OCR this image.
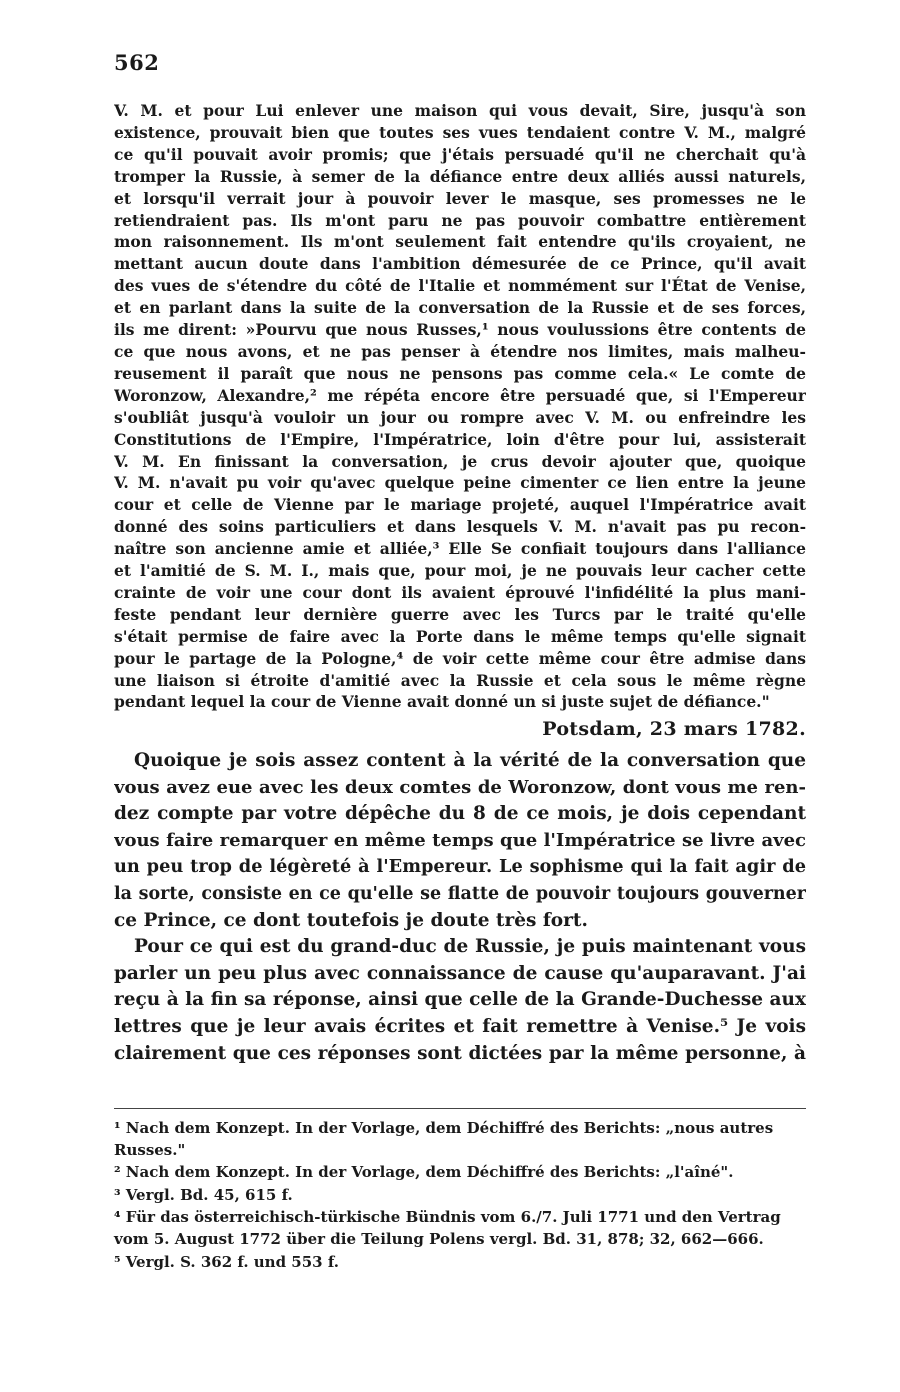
562
V. M. et pour Lui enlever une maison qui vous devait, Sire, jusqu'à son
existence, prouvait bien que toutes ses vues tendaient contre V. M., malgré
ce qu'il pouvait avoir promis; que j'étais persuadé qu'il ne cherchait qu'à
tromper la Russie, à semer de la défiance entre deux alliés aussi naturels,
et lorsqu'il verrait jour à pouvoir lever le masque, ses promesses ne le
retiendraient pas. Ils m'ont paru ne pas pouvoir combattre entièrement
mon raisonnement. Ils m'ont seulement fait entendre qu'ils croyaient, ne
mettant aucun doute dans l'ambition démesurée de ce Prince, qu'il avait
des vues de s'étendre du côté de l'Italie et nommément sur l'État de Venise,
et en parlant dans la suite de la conversation de la Russie et de ses forces,
ils me dirent: »Pourvu que nous Russes,¹ nous voulussions être contents de
ce que nous avons, et ne pas penser à étendre nos limites, mais malheu-
reusement il paraît que nous ne pensons pas comme cela.« Le comte de
Woronzow, Alexandre,² me répéta encore être persuadé que, si l'Empereur
s'oubliât jusqu'à vouloir un jour ou rompre avec V. M. ou enfreindre les
Constitutions de l'Empire, l'Impératrice, loin d'être pour lui, assisterait
V. M. En finissant la conversation, je crus devoir ajouter que, quoique
V. M. n'avait pu voir qu'avec quelque peine cimenter ce lien entre la jeune
cour et celle de Vienne par le mariage projeté, auquel l'Impératrice avait
donné des soins particuliers et dans lesquels V. M. n'avait pas pu recon-
naître son ancienne amie et alliée,³ Elle Se confiait toujours dans l'alliance
et l'amitié de S. M. I., mais que, pour moi, je ne pouvais leur cacher cette
crainte de voir une cour dont ils avaient éprouvé l'infidélité la plus mani-
feste pendant leur dernière guerre avec les Turcs par le traité qu'elle
s'était permise de faire avec la Porte dans le même temps qu'elle signait
pour le partage de la Pologne,⁴ de voir cette même cour être admise dans
une liaison si étroite d'amitié avec la Russie et cela sous le même règne
pendant lequel la cour de Vienne avait donné un si juste sujet de défiance."
Potsdam, 23 mars 1782.
Quoique je sois assez content à la vérité de la conversation que
vous avez eue avec les deux comtes de Woronzow, dont vous me ren-
dez compte par votre dépêche du 8 de ce mois, je dois cependant
vous faire remarquer en même temps que l'Impératrice se livre avec
un peu trop de légèreté à l'Empereur. Le sophisme qui la fait agir de
la sorte, consiste en ce qu'elle se flatte de pouvoir toujours gouverner
ce Prince, ce dont toutefois je doute très fort.
Pour ce qui est du grand-duc de Russie, je puis maintenant vous
parler un peu plus avec connaissance de cause qu'auparavant. J'ai
reçu à la fin sa réponse, ainsi que celle de la Grande-Duchesse aux
lettres que je leur avais écrites et fait remettre à Venise.⁵ Je vois
clairement que ces réponses sont dictées par la même personne, à
¹ Nach dem Konzept. In der Vorlage, dem Déchiffré des Berichts: „nous autres Russes."
² Nach dem Konzept. In der Vorlage, dem Déchiffré des Berichts: „l'aîné".
³ Vergl. Bd. 45, 615 f.
⁴ Für das österreichisch-türkische Bündnis vom 6./7. Juli 1771 und den Vertrag vom 5. August 1772 über die Teilung Polens vergl. Bd. 31, 878; 32, 662—666.
⁵ Vergl. S. 362 f. und 553 f.
